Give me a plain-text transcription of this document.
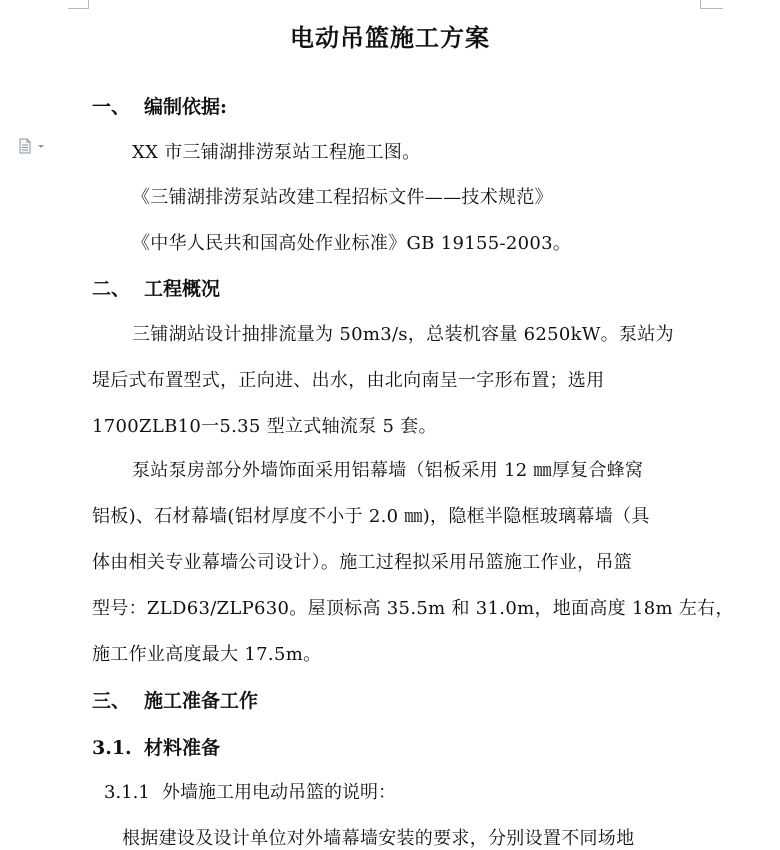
电动吊篮施工方案
一、 编制依据:
XX 市三铺湖排涝泵站工程施工图。
《三铺湖排涝泵站改建工程招标文件——技术规范》
《中华人民共和国高处作业标准》GB 19155-2003。
二、 工程概况
三铺湖站设计抽排流量为 50m3/s，总装机容量 6250kW。泵站为
堤后式布置型式，正向进、出水，由北向南呈一字形布置；选用
1700ZLB10一5.35 型立式轴流泵 5 套。
泵站泵房部分外墙饰面采用铝幕墙（铝板采用 12 ㎜厚复合蜂窝
铝板)、石材幕墙(铝材厚度不小于 2.0 ㎜)，隐框半隐框玻璃幕墙（具
体由相关专业幕墙公司设计）。施工过程拟采用吊篮施工作业，吊篮
型号：ZLD63/ZLP630。屋顶标高 35.5m 和 31.0m，地面高度 18m 左右，
施工作业高度最大 17.5m。
三、 施工准备工作
3.1. 材料准备
3.1.1 外墙施工用电动吊篮的说明：
根据建设及设计单位对外墙幕墙安装的要求，分别设置不同场地
